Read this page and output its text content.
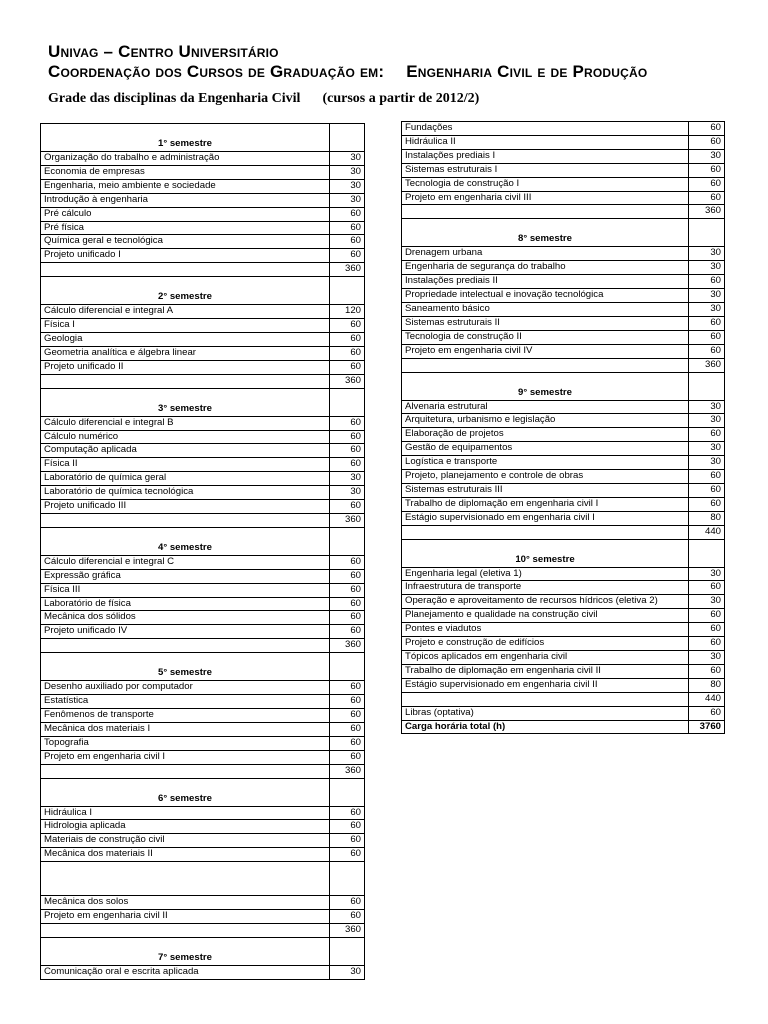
Univag – Centro Universitário
Coordenação dos Cursos de Graduação em: Engenharia Civil e de Produção
Grade das disciplinas da Engenharia Civil (cursos a partir de 2012/2)
1° semestre	
Organização do trabalho e administração	30
Economia de empresas	30
Engenharia, meio ambiente e sociedade	30
Introdução à engenharia	30
Pré cálculo	60
Pré física	60
Química geral e tecnológica	60
Projeto unificado I	60
	360
2° semestre	
Cálculo diferencial e integral A	120
Física I	60
Geologia	60
Geometria analítica e álgebra linear	60
Projeto unificado II	60
	360
3° semestre	
Cálculo diferencial e integral B	60
Cálculo numérico	60
Computação aplicada	60
Física II	60
Laboratório de química geral	30
Laboratório de química tecnológica	30
Projeto unificado III	60
	360
4° semestre	
Cálculo diferencial e integral C	60
Expressão gráfica	60
Física III	60
Laboratório de física	60
Mecânica dos sólidos	60
Projeto unificado IV	60
	360
5° semestre	
Desenho auxiliado por computador	60
Estatística	60
Fenômenos de transporte	60
Mecânica dos materiais I	60
Topografia	60
Projeto em engenharia civil I	60
	360
6° semestre	
Hidráulica I	60
Hidrologia aplicada	60
Materiais de construção civil	60
Mecânica dos materiais II	60

Mecânica dos solos	60
Projeto em engenharia civil II	60
	360
7° semestre	
Comunicação oral e escrita aplicada	30
Fundações	60
Hidráulica II	60
Instalações prediais I	30
Sistemas estruturais I	60
Tecnologia de construção I	60
Projeto em engenharia civil III	60
	360
8° semestre	
Drenagem urbana	30
Engenharia de segurança do trabalho	30
Instalações prediais II	60
Propriedade intelectual e inovação tecnológica	30
Saneamento básico	30
Sistemas estruturais II	60
Tecnologia de construção II	60
Projeto em engenharia civil IV	60
	360
9° semestre	
Alvenaria estrutural	30
Arquitetura, urbanismo e legislação	30
Elaboração de projetos	60
Gestão de equipamentos	30
Logística e transporte	30
Projeto, planejamento e controle de obras	60
Sistemas estruturais III	60
Trabalho de diplomação em engenharia civil I	60
Estágio supervisionado em engenharia civil I	80
	440
10° semestre	
Engenharia legal (eletiva 1)	30
Infraestrutura de transporte	60
Operação e aproveitamento de recursos hídricos (eletiva 2)	30
Planejamento e qualidade na construção civil	60
Pontes e viadutos	60
Projeto e construção de edifícios	60
Tópicos aplicados em engenharia civil	30
Trabalho de diplomação em engenharia civil II	60
Estágio supervisionado em engenharia civil II	80
	440
Libras (optativa)	60
Carga horária total (h)	3760
